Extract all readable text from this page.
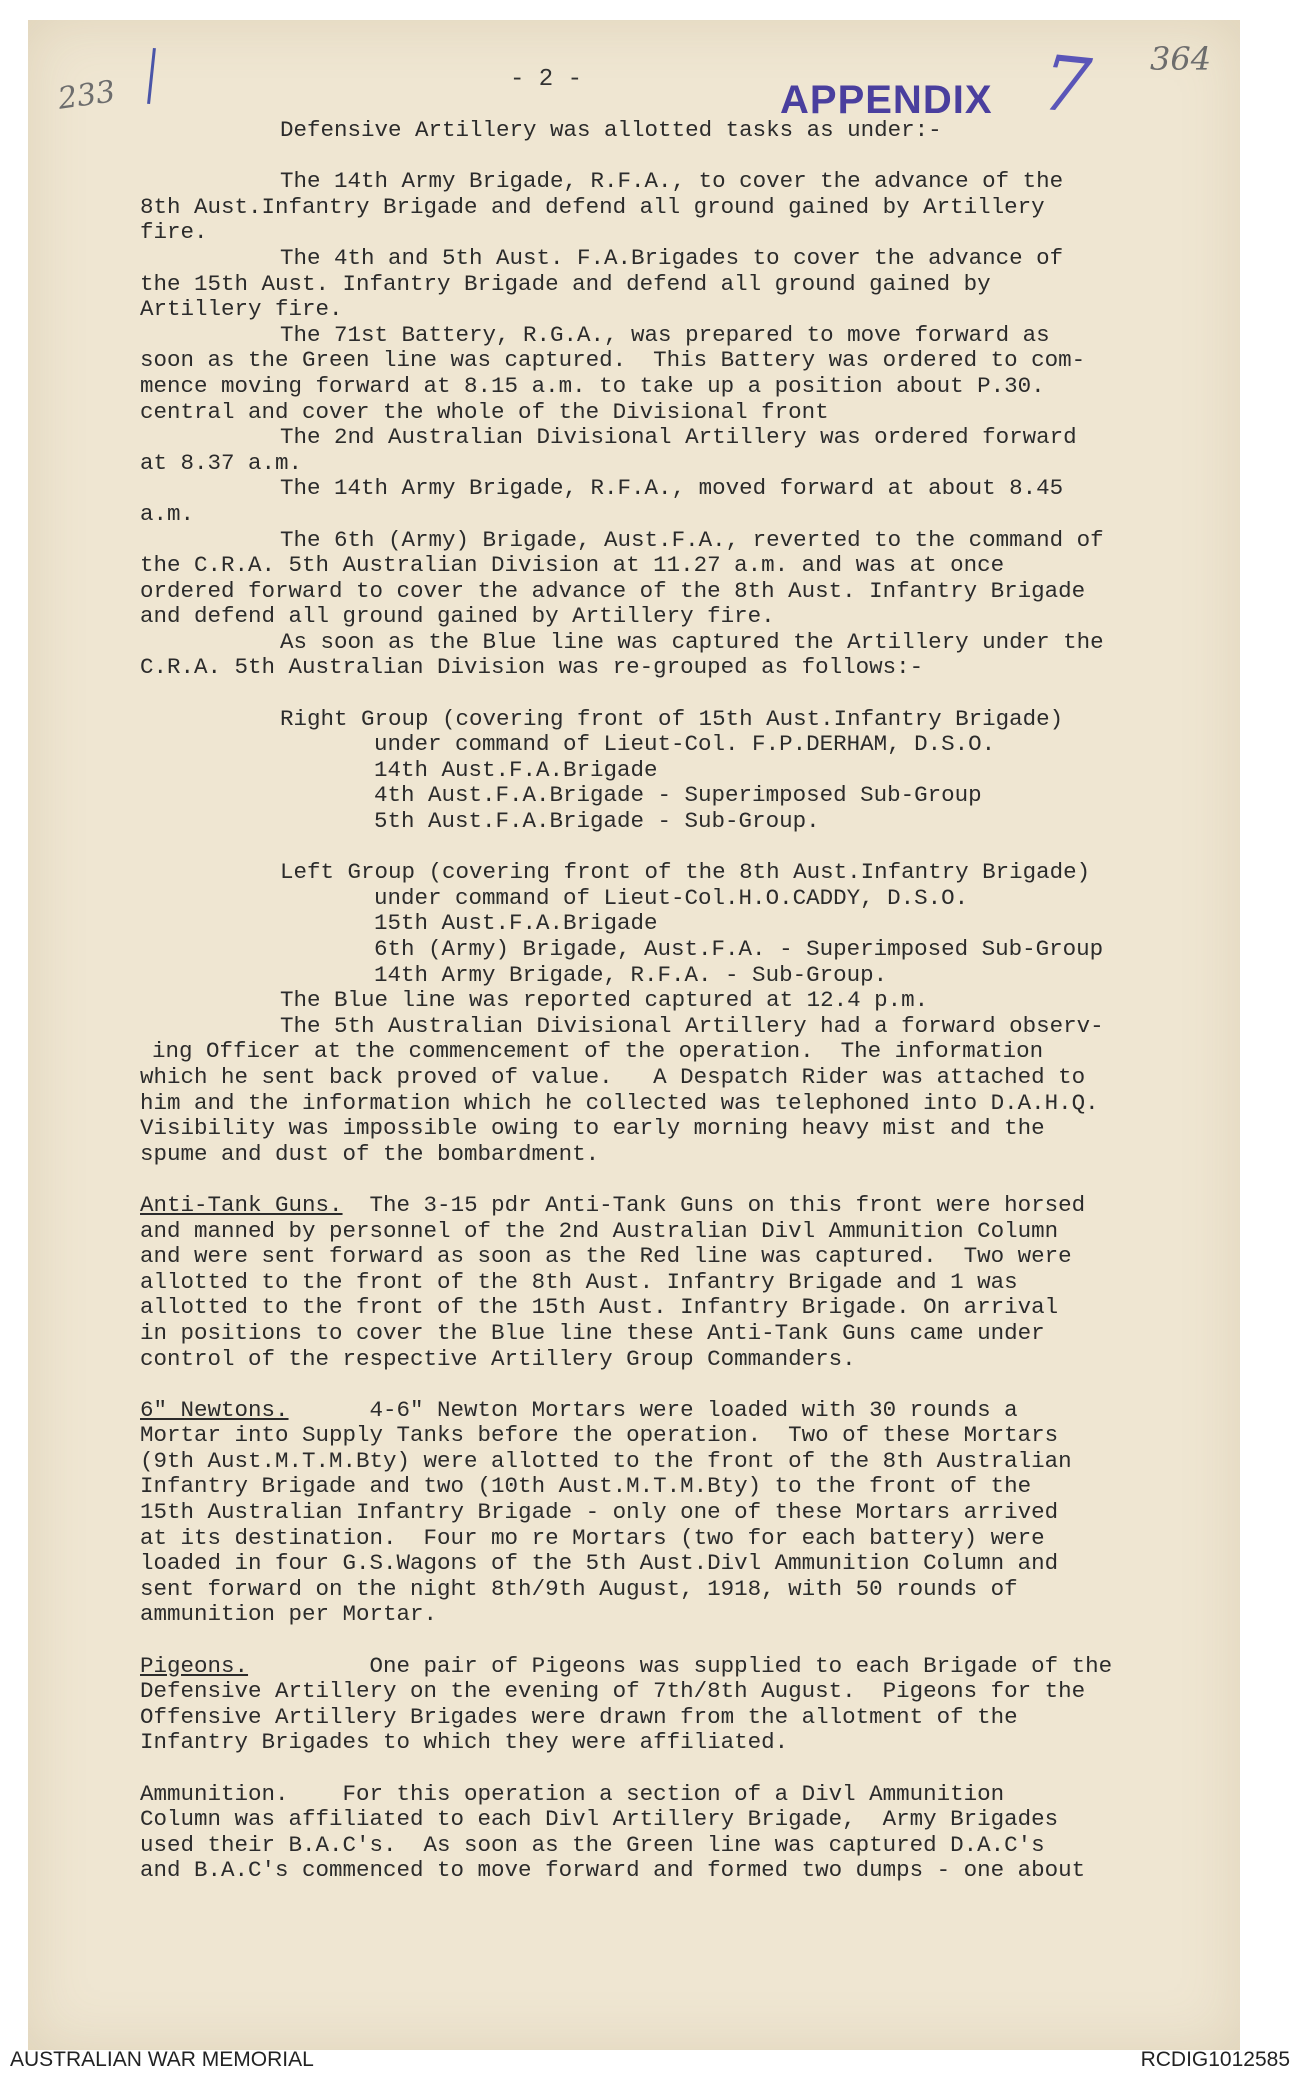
233	- 2 -	APPENDIX 7 364
Defensive Artillery was allotted tasks as under:-
The 14th Army Brigade, R.F.A., to cover the advance of the
8th Aust.Infantry Brigade and defend all ground gained by Artillery
fire.
The 4th and 5th Aust. F.A.Brigades to cover the advance of
the 15th Aust. Infantry Brigade and defend all ground gained by
Artillery fire.
The 71st Battery, R.G.A., was prepared to move forward as
soon as the Green line was captured.  This Battery was ordered to com-
mence moving forward at 8.15 a.m. to take up a position about P.30.
central and cover the whole of the Divisional front
The 2nd Australian Divisional Artillery was ordered forward
at 8.37 a.m.
The 14th Army Brigade, R.F.A., moved forward at about 8.45
a.m.
The 6th (Army) Brigade, Aust.F.A., reverted to the command of
the C.R.A. 5th Australian Division at 11.27 a.m. and was at once
ordered forward to cover the advance of the 8th Aust. Infantry Brigade
and defend all ground gained by Artillery fire.
As soon as the Blue line was captured the Artillery under the
C.R.A. 5th Australian Division was re-grouped as follows:-
Right Group (covering front of 15th Aust.Infantry Brigade)
under command of Lieut-Col. F.P.DERHAM, D.S.O.
14th Aust.F.A.Brigade
4th Aust.F.A.Brigade - Superimposed Sub-Group
5th Aust.F.A.Brigade - Sub-Group.
Left Group (covering front of the 8th Aust.Infantry Brigade)
under command of Lieut-Col.H.O.CADDY, D.S.O.
15th Aust.F.A.Brigade
6th (Army) Brigade, Aust.F.A. - Superimposed Sub-Group
14th Army Brigade, R.F.A. - Sub-Group.
The Blue line was reported captured at 12.4 p.m.
The 5th Australian Divisional Artillery had a forward observ-
ing Officer at the commencement of the operation.  The information
which he sent back proved of value.   A Despatch Rider was attached to
him and the information which he collected was telephoned into D.A.H.Q.
Visibility was impossible owing to early morning heavy mist and the
spume and dust of the bombardment.
Anti-Tank Guns.  The 3-15 pdr Anti-Tank Guns on this front were horsed
and manned by personnel of the 2nd Australian Divl Ammunition Column
and were sent forward as soon as the Red line was captured.  Two were
allotted to the front of the 8th Aust. Infantry Brigade and 1 was
allotted to the front of the 15th Aust. Infantry Brigade. On arrival
in positions to cover the Blue line these Anti-Tank Guns came under
control of the respective Artillery Group Commanders.
6" Newtons.      4-6" Newton Mortars were loaded with 30 rounds a
Mortar into Supply Tanks before the operation.  Two of these Mortars
(9th Aust.M.T.M.Bty) were allotted to the front of the 8th Australian
Infantry Brigade and two (10th Aust.M.T.M.Bty) to the front of the
15th Australian Infantry Brigade - only one of these Mortars arrived
at its destination.  Four mo re Mortars (two for each battery) were
loaded in four G.S.Wagons of the 5th Aust.Divl Ammunition Column and
sent forward on the night 8th/9th August, 1918, with 50 rounds of
ammunition per Mortar.
Pigeons.         One pair of Pigeons was supplied to each Brigade of the
Defensive Artillery on the evening of 7th/8th August.  Pigeons for the
Offensive Artillery Brigades were drawn from the allotment of the
Infantry Brigades to which they were affiliated.
Ammunition.    For this operation a section of a Divl Ammunition
Column was affiliated to each Divl Artillery Brigade,  Army Brigades
used their B.A.C's.  As soon as the Green line was captured D.A.C's
and B.A.C's commenced to move forward and formed two dumps - one about
AUSTRALIAN WAR MEMORIAL	RCDIG1012585
